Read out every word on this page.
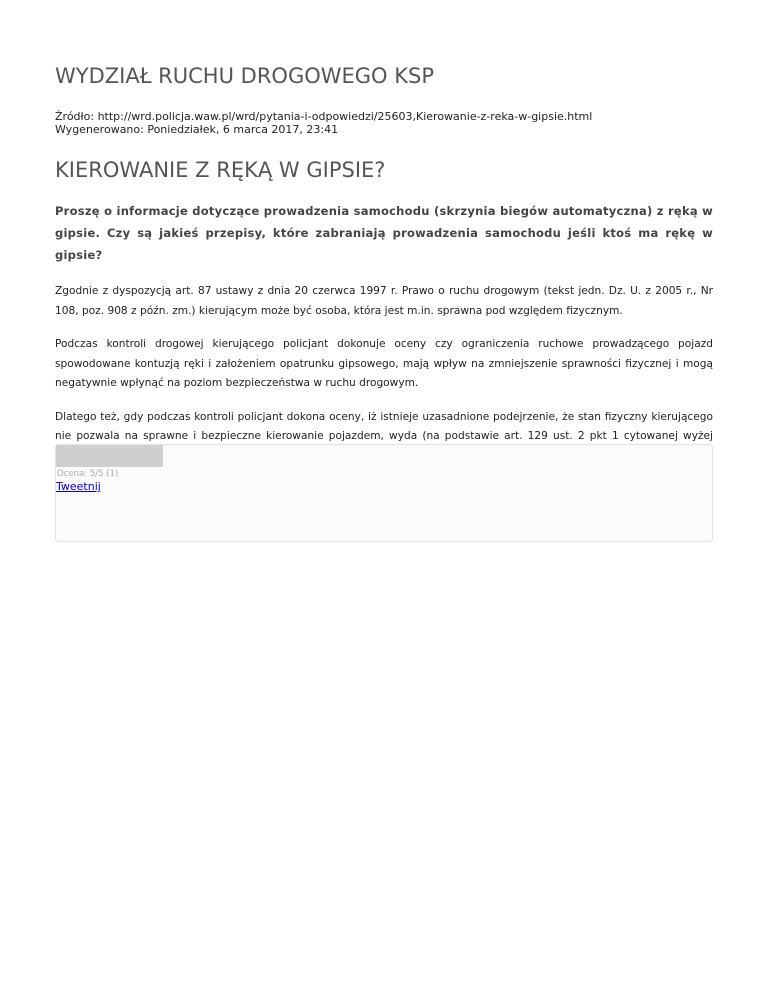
WYDZIAŁ RUCHU DROGOWEGO KSP
Źródło: http://wrd.policja.waw.pl/wrd/pytania-i-odpowiedzi/25603,Kierowanie-z-reka-w-gipsie.html
Wygenerowano: Poniedziałek, 6 marca 2017, 23:41
KIEROWANIE Z RĘKĄ W GIPSIE?
Proszę o informacje dotyczące prowadzenia samochodu (skrzynia biegów automatyczna) z ręką w gipsie. Czy są jakieś przepisy, które zabraniają prowadzenia samochodu jeśli ktoś ma rękę w gipsie?

Zgodnie z dyspozycją art. 87 ustawy z dnia 20 czerwca 1997 r. Prawo o ruchu drogowym (tekst jedn. Dz. U. z 2005 r., Nr 108, poz. 908 z późn. zm.) kierującym może być osoba, która jest m.in. sprawna pod względem fizycznym.

Podczas kontroli drogowej kierującego policjant dokonuje oceny czy ograniczenia ruchowe prowadzącego pojazd spowodowane kontuzją ręki i założeniem opatrunku gipsowego, mają wpływ na zmniejszenie sprawności fizycznej i mogą negatywnie wpłynąć na poziom bezpieczeństwa w ruchu drogowym.

Dlatego też, gdy podczas kontroli policjant dokona oceny, iż istnieje uzasadnione podejrzenie, że stan fizyczny kierującego nie pozwala na sprawne i bezpieczne kierowanie pojazdem, wyda (na podstawie art. 129 ust. 2 pkt 1 cytowanej wyżej

Ocena: 5/5 (1)
Tweetnij
